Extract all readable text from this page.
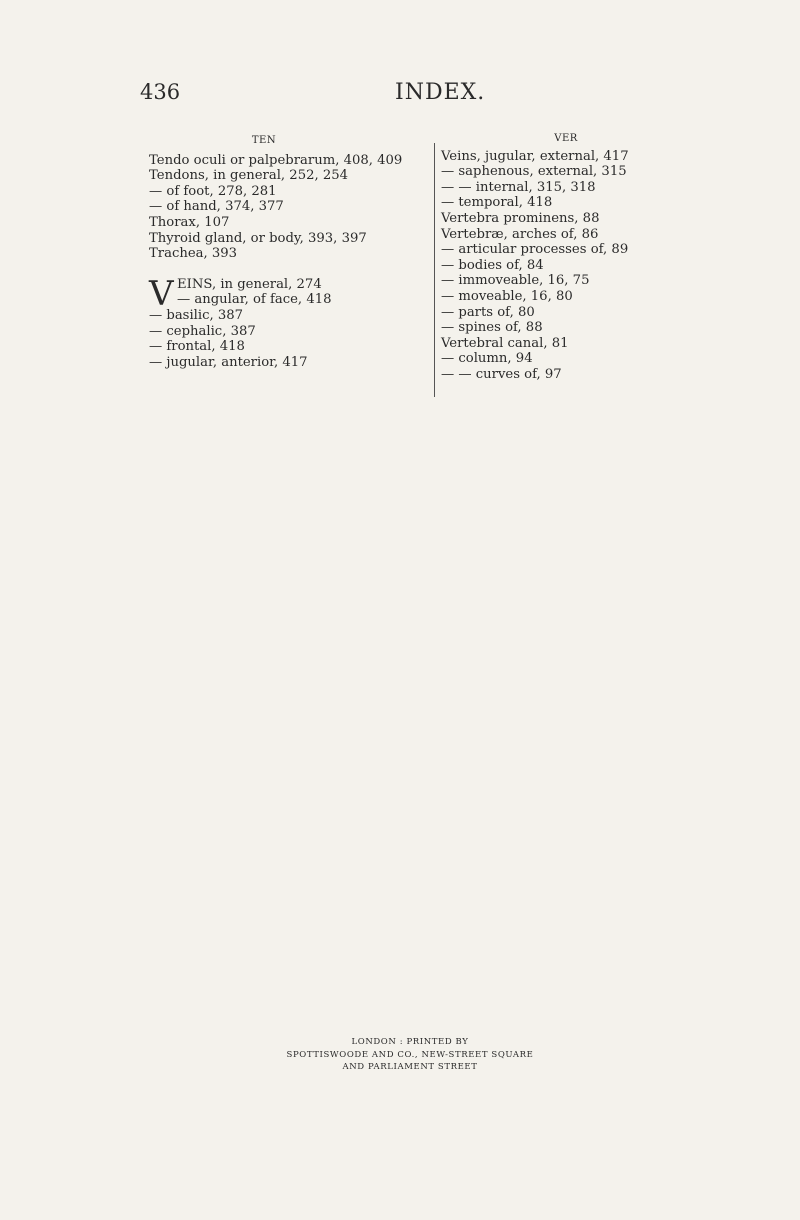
436	INDEX.
TEN
Tendo oculi or palpebrarum, 408, 409
Tendons, in general, 252, 254
— of foot, 278, 281
— of hand, 374, 377
Thorax, 107
Thyroid gland, or body, 393, 397
Trachea, 393
V EINS, in general, 274
— angular, of face, 418
— basilic, 387
— cephalic, 387
— frontal, 418
— jugular, anterior, 417
VER
Veins, jugular, external, 417
— saphenous, external, 315
— — internal, 315, 318
— temporal, 418
Vertebra prominens, 88
Vertebræ, arches of, 86
— articular processes of, 89
— bodies of, 84
— immoveable, 16, 75
— moveable, 16, 80
— parts of, 80
— spines of, 88
Vertebral canal, 81
— column, 94
— — curves of, 97
LONDON : PRINTED BY
SPOTTISWOODE AND CO., NEW-STREET SQUARE
AND PARLIAMENT STREET
